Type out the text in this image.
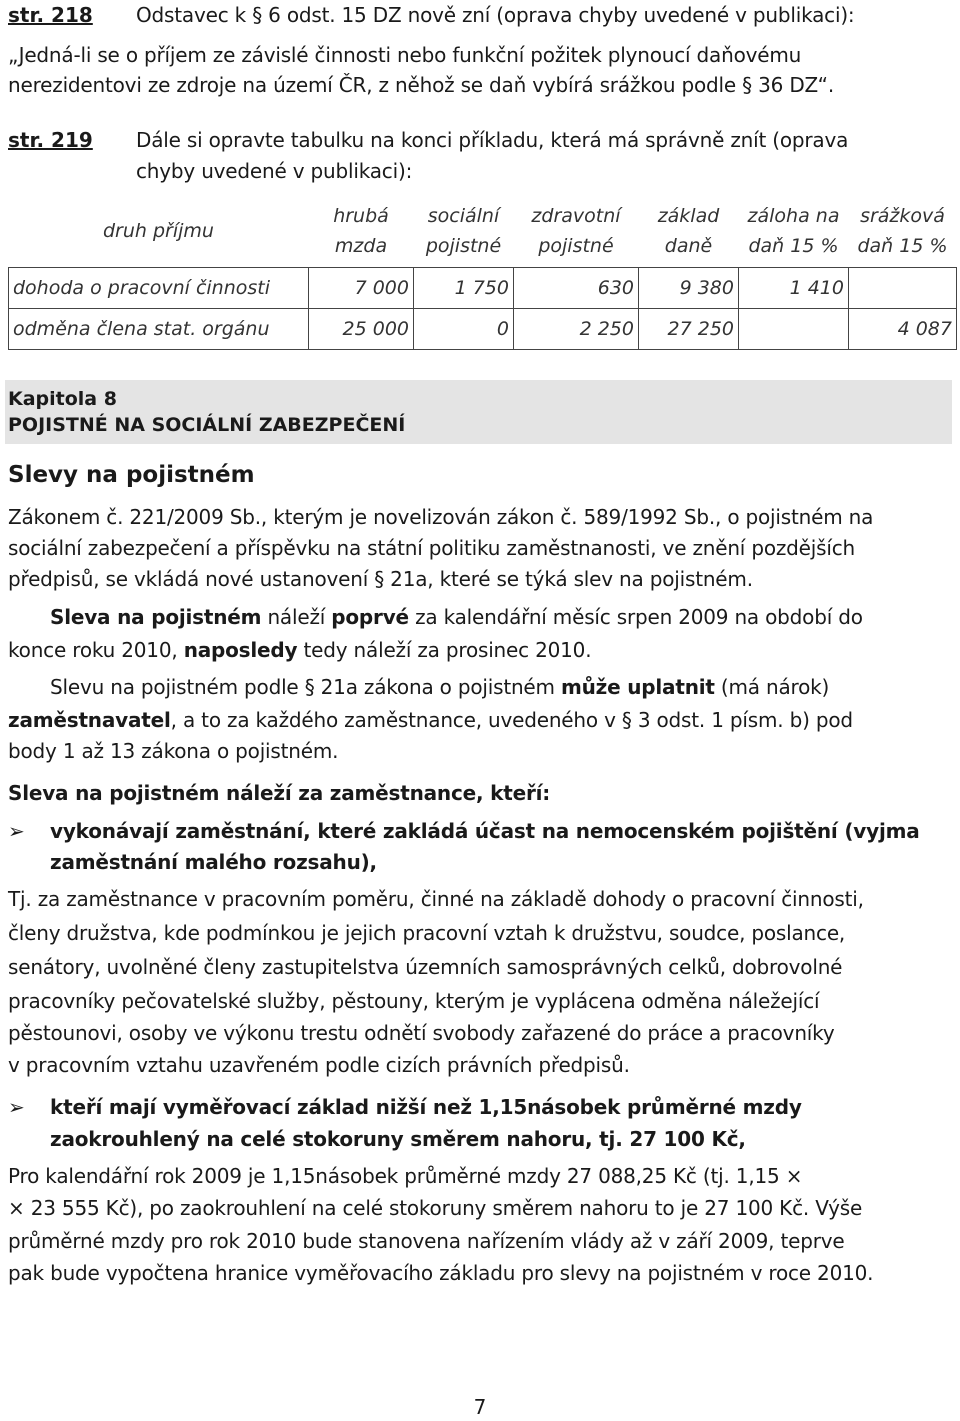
str. 218 Odstavec k § 6 odst. 15 DZ nově zní (oprava chyby uvedené v publikaci):
„Jedná-li se o příjem ze závislé činnosti nebo funkční požitek plynoucí daňovému
nerezidentovi ze zdroje na území ČR, z něhož se daň vybírá srážkou podle § 36 DZ“.
str. 219 Dále si opravte tabulku na konci příkladu, která má správně znít (oprava
chyby uvedené v publikaci):
druh příjmu	hrubá mzda	sociální pojistné	zdravotní pojistné	základ daně	záloha na daň 15 %	srážková daň 15 %
dohoda o pracovní činnosti	7 000	1 750	630	9 380	1 410	
odměna člena stat. orgánu	25 000	0	2 250	27 250		4 087
Kapitola 8
POJISTNÉ NA SOCIÁLNÍ ZABEZPEČENÍ
Slevy na pojistném
Zákonem č. 221/2009 Sb., kterým je novelizován zákon č. 589/1992 Sb., o pojistném na
sociální zabezpečení a příspěvku na státní politiku zaměstnanosti, ve znění pozdějších
předpisů, se vkládá nové ustanovení § 21a, které se týká slev na pojistném.
Sleva na pojistném náleží poprvé za kalendářní měsíc srpen 2009 na období do
konce roku 2010, naposledy tedy náleží za prosinec 2010.
Slevu na pojistném podle § 21a zákona o pojistném může uplatnit (má nárok)
zaměstnavatel, a to za každého zaměstnance, uvedeného v § 3 odst. 1 písm. b) pod
body 1 až 13 zákona o pojistném.
Sleva na pojistném náleží za zaměstnance, kteří:
➢ vykonávají zaměstnání, které zakládá účast na nemocenském pojištění (vyjma
zaměstnání malého rozsahu),
Tj. za zaměstnance v pracovním poměru, činné na základě dohody o pracovní činnosti,
členy družstva, kde podmínkou je jejich pracovní vztah k družstvu, soudce, poslance,
senátory, uvolněné členy zastupitelstva územních samosprávných celků, dobrovolné
pracovníky pečovatelské služby, pěstouny, kterým je vyplácena odměna náležející
pěstounovi, osoby ve výkonu trestu odnětí svobody zařazené do práce a pracovníky
v pracovním vztahu uzavřeném podle cizích právních předpisů.
➢ kteří mají vyměřovací základ nižší než 1,15násobek průměrné mzdy
zaokrouhlený na celé stokoruny směrem nahoru, tj. 27 100 Kč,
Pro kalendářní rok 2009 je 1,15násobek průměrné mzdy 27 088,25 Kč (tj. 1,15 ×
× 23 555 Kč), po zaokrouhlení na celé stokoruny směrem nahoru to je 27 100 Kč. Výše
průměrné mzdy pro rok 2010 bude stanovena nařízením vlády až v září 2009, teprve
pak bude vypočtena hranice vyměřovacího základu pro slevy na pojistném v roce 2010.
7
